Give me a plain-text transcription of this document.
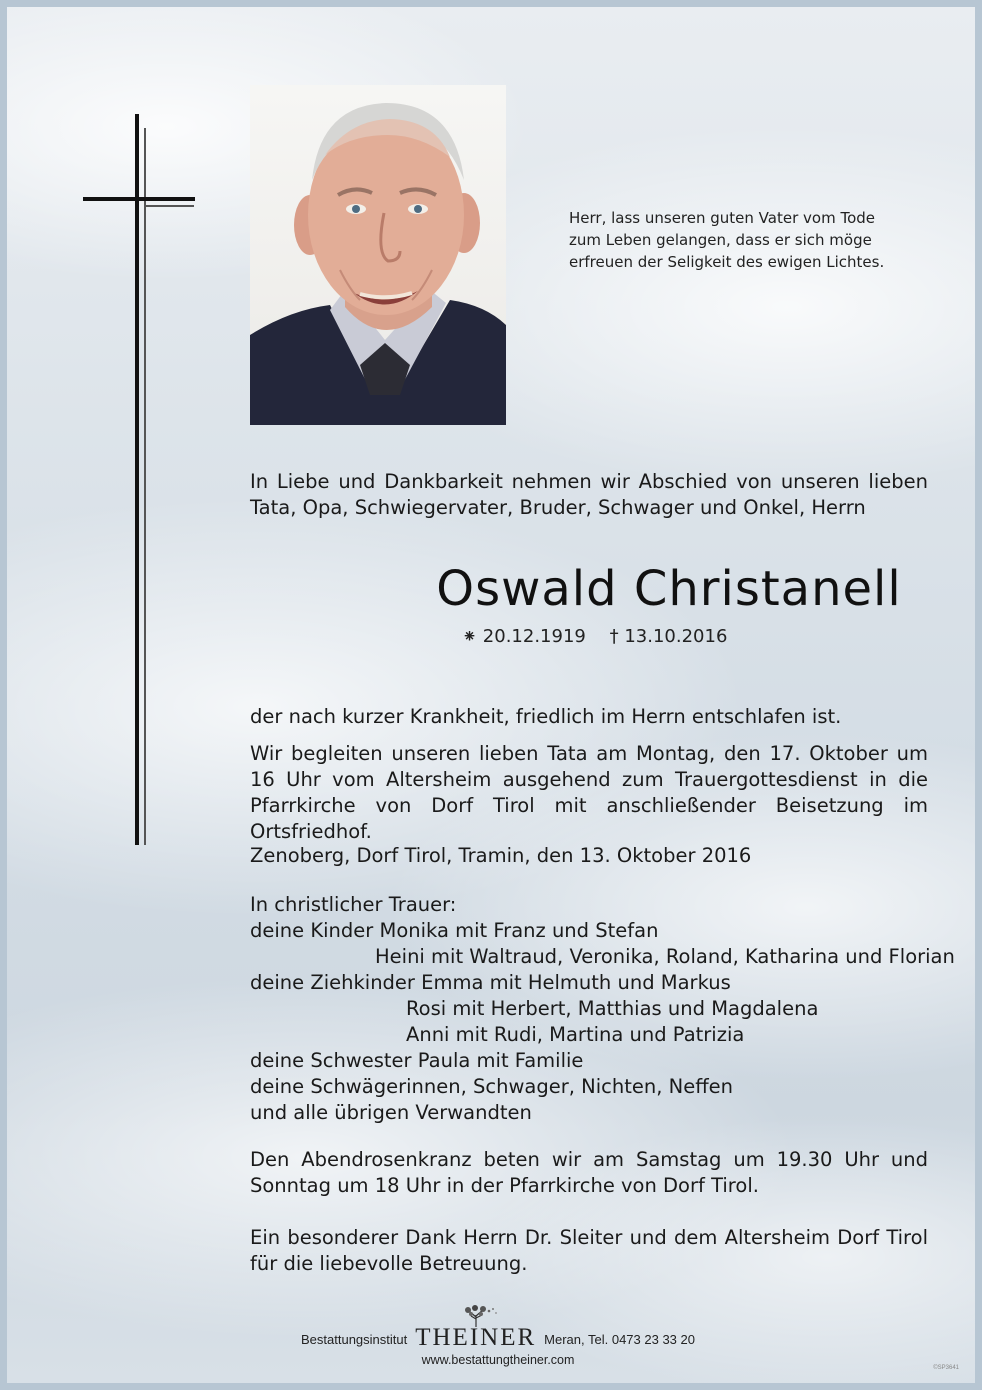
Herr, lass unseren guten Vater vom Tode
zum Leben gelangen, dass er sich möge
erfreuen der Seligkeit des ewigen Lichtes.
In Liebe und Dankbarkeit nehmen wir Abschied von unseren lieben Tata, Opa, Schwiegervater, Bruder, Schwager und Onkel, Herrn
Oswald Christanell
⁕ 20.12.1919 † 13.10.2016
der nach kurzer Krankheit, friedlich im Herrn entschlafen ist.
Wir begleiten unseren lieben Tata am Montag, den 17. Oktober um 16 Uhr vom Altersheim ausgehend zum Trauergottesdienst in die Pfarrkirche von Dorf Tirol mit anschließender Beisetzung im Ortsfriedhof.
Zenoberg, Dorf Tirol, Tramin, den 13. Oktober 2016
In christlicher Trauer:
deine Kinder Monika mit Franz und Stefan
Heini mit Waltraud, Veronika, Roland, Katharina und Florian
deine Ziehkinder Emma mit Helmuth und Markus
Rosi mit Herbert, Matthias und Magdalena
Anni mit Rudi, Martina und Patrizia
deine Schwester Paula mit Familie
deine Schwägerinnen, Schwager, Nichten, Neffen
und alle übrigen Verwandten
Den Abendrosenkranz beten wir am Samstag um 19.30 Uhr und Sonntag um 18 Uhr in der Pfarrkirche von Dorf Tirol.
Ein besonderer Dank Herrn Dr. Sleiter und dem Altersheim Dorf Tirol für die liebevolle Betreuung.
Bestattungsinstitut THEINER Meran, Tel. 0473 23 33 20
www.bestattungtheiner.com
©SP3641
